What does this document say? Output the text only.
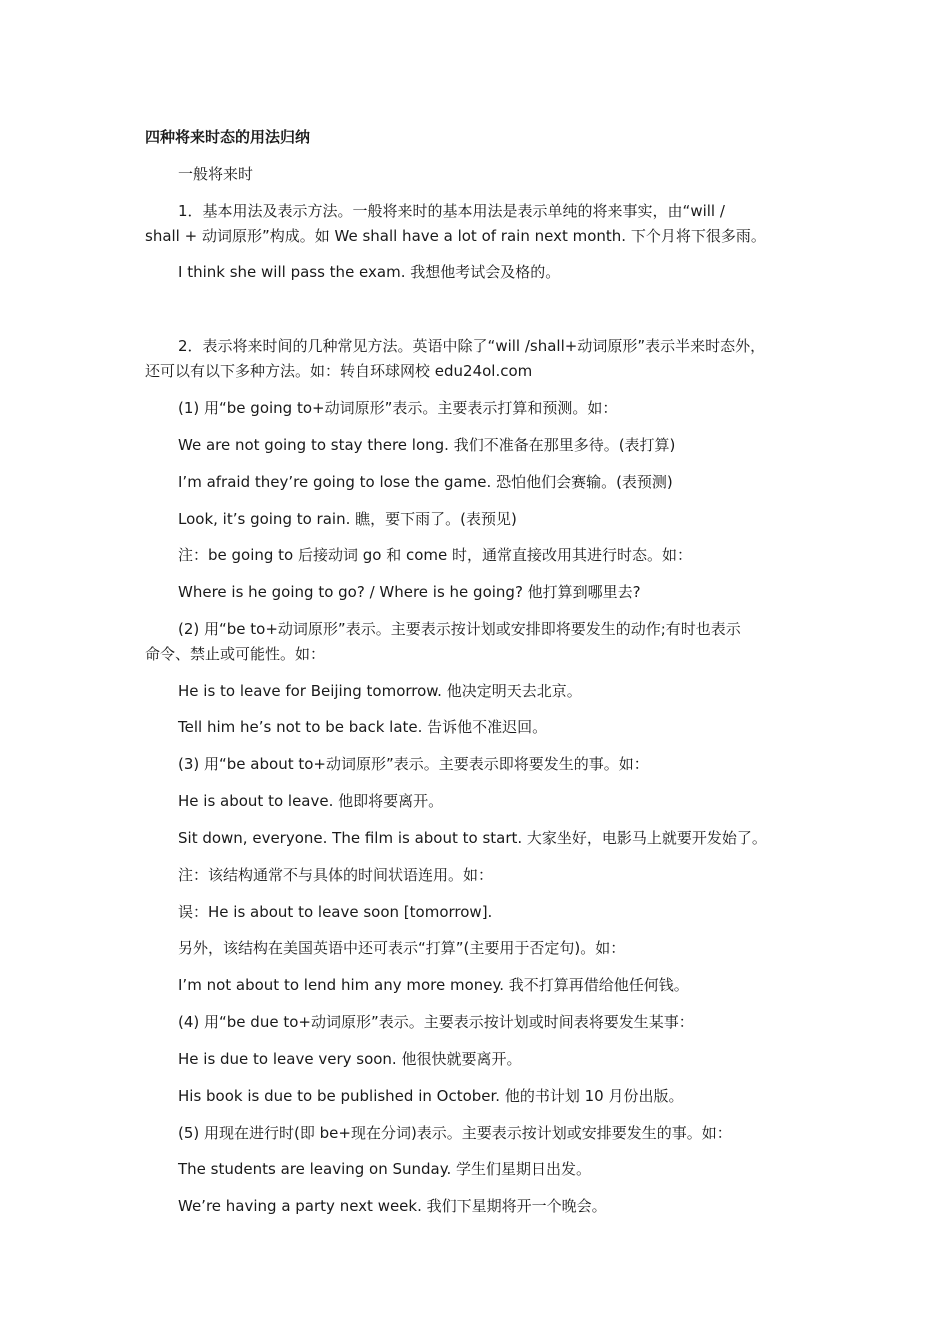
四种将来时态的用法归纳
一般将来时
1．基本用法及表示方法。一般将来时的基本用法是表示单纯的将来事实，由“will /
shall + 动词原形”构成。如 We shall have a lot of rain next month. 下个月将下很多雨。
I think she will pass the exam. 我想他考试会及格的。
2．表示将来时间的几种常见方法。英语中除了“will /shall+动词原形”表示半来时态外，
还可以有以下多种方法。如：转自环球网校 edu24ol.com
(1) 用“be going to+动词原形”表示。主要表示打算和预测。如：
We are not going to stay there long. 我们不准备在那里多待。(表打算)
I’m afraid they’re going to lose the game. 恐怕他们会赛输。(表预测)
Look, it’s going to rain. 瞧，要下雨了。(表预见)
注：be going to 后接动词 go 和 come 时，通常直接改用其进行时态。如：
Where is he going to go? / Where is he going? 他打算到哪里去?
(2) 用“be to+动词原形”表示。主要表示按计划或安排即将要发生的动作;有时也表示
命令、禁止或可能性。如：
He is to leave for Beijing tomorrow. 他决定明天去北京。
Tell him he’s not to be back late. 告诉他不准迟回。
(3) 用“be about to+动词原形”表示。主要表示即将要发生的事。如：
He is about to leave. 他即将要离开。
Sit down, everyone. The film is about to start. 大家坐好，电影马上就要开发始了。
注：该结构通常不与具体的时间状语连用。如：
误：He is about to leave soon [tomorrow].
另外，该结构在美国英语中还可表示“打算”(主要用于否定句)。如：
I’m not about to lend him any more money. 我不打算再借给他任何钱。
(4) 用“be due to+动词原形”表示。主要表示按计划或时间表将要发生某事：
He is due to leave very soon. 他很快就要离开。
His book is due to be published in October. 他的书计划 10 月份出版。
(5) 用现在进行时(即 be+现在分词)表示。主要表示按计划或安排要发生的事。如：
The students are leaving on Sunday. 学生们星期日出发。
We’re having a party next week. 我们下星期将开一个晚会。
